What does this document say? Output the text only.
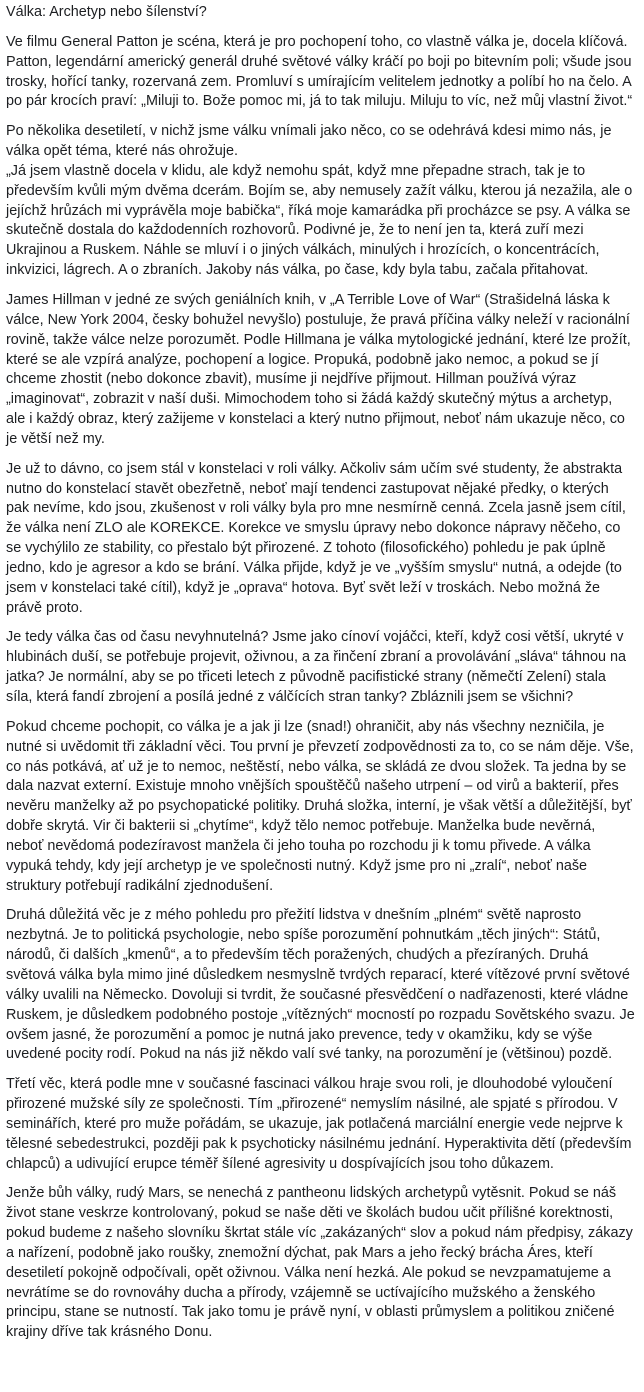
Válka: Archetyp nebo šílenství?
Ve filmu General Patton je scéna, která je pro pochopení toho, co vlastně válka je, docela klíčová. Patton, legendární americký generál druhé světové války kráčí po boji po bitevním poli; všude jsou trosky, hořící tanky, rozervaná zem. Promluví s umírajícím velitelem jednotky a políbí ho na čelo. A po pár krocích praví: „Miluji to. Bože pomoc mi, já to tak miluju. Miluju to víc, než můj vlastní život.“
Po několika desetiletí, v nichž jsme válku vnímali jako něco, co se odehrává kdesi mimo nás, je válka opět téma, které nás ohrožuje.
„Já jsem vlastně docela v klidu, ale když nemohu spát, když mne přepadne strach, tak je to především kvůli mým dvěma dcerám. Bojím se, aby nemusely zažít válku, kterou já nezažila, ale o jejíchž hrůzách mi vyprávěla moje babička“, říká moje kamarádka při procházce se psy. A válka se skutečně dostala do každodenních rozhovorů. Podivné je, že to není jen ta, která zuří mezi Ukrajinou a Ruskem. Náhle se mluví i o jiných válkách, minulých i hrozících, o koncentrácích, inkvizici, lágrech. A o zbraních. Jakoby nás válka, po čase, kdy byla tabu, začala přitahovat.
James Hillman v jedné ze svých geniálních knih, v „A Terrible Love of War“ (Strašidelná láska k válce, New York 2004, česky bohužel nevyšlo) postuluje, že pravá příčina války neleží v racionální rovině, takže válce nelze porozumět. Podle Hillmana je válka mytologické jednání, které lze prožít, které se ale vzpírá analýze, pochopení a logice. Propuká, podobně jako nemoc, a pokud se jí chceme zhostit (nebo dokonce zbavit), musíme ji nejdříve přijmout. Hillman používá výraz „imaginovat“, zobrazit v naší duši. Mimochodem toho si žádá každý skutečný mýtus a archetyp, ale i každý obraz, který zažijeme v konstelaci a který nutno přijmout, neboť nám ukazuje něco, co je větší než my.
Je už to dávno, co jsem stál v konstelaci v roli války. Ačkoliv sám učím své studenty, že abstrakta nutno do konstelací stavět obezřetně, neboť mají tendenci zastupovat nějaké předky, o kterých pak nevíme, kdo jsou, zkušenost v roli války byla pro mne nesmírně cenná. Zcela jasně jsem cítil, že válka není ZLO ale KOREKCE. Korekce ve smyslu úpravy nebo dokonce nápravy něčeho, co se vychýlilo ze stability, co přestalo být přirozené. Z tohoto (filosofického) pohledu je pak úplně jedno, kdo je agresor a kdo se brání. Válka přijde, když je ve „vyšším smyslu“ nutná, a odejde (to jsem v konstelaci také cítil), když je „oprava“ hotova. Byť svět leží v troskách. Nebo možná že právě proto.
Je tedy válka čas od času nevyhnutelná? Jsme jako cínoví vojáčci, kteří, když cosi větší, ukryté v hlubinách duší, se potřebuje projevit, oživnou, a za řinčení zbraní a provolávání „sláva“ táhnou na jatka? Je normální, aby se po třiceti letech z původně pacifistické strany (němečtí Zelení) stala síla, která fandí zbrojení a posílá jedné z válčících stran tanky? Zbláznili jsem se všichni?
Pokud chceme pochopit, co válka je a jak ji lze (snad!) ohraničit, aby nás všechny nezničila, je nutné si uvědomit tři základní věci. Tou první je převzetí zodpovědnosti za to, co se nám děje. Vše, co nás potkává, ať už je to nemoc, neštěstí, nebo válka, se skládá ze dvou složek. Ta jedna by se dala nazvat externí. Existuje mnoho vnějších spouštěčů našeho utrpení – od virů a bakterií, přes nevěru manželky až po psychopatické politiky. Druhá složka, interní, je však větší a důležitější, byť dobře skrytá. Vir či bakterii si „chytíme“, když tělo nemoc potřebuje. Manželka bude nevěrná, neboť nevědomá podezíravost manžela či jeho touha po rozchodu ji k tomu přivede. A válka vypuká tehdy, kdy její archetyp je ve společnosti nutný. Když jsme pro ni „zralí“, neboť naše struktury potřebují radikální zjednodušení.
Druhá důležitá věc je z mého pohledu pro přežití lidstva v dnešním „plném“ světě naprosto nezbytná. Je to politická psychologie, nebo spíše porozumění pohnutkám „těch jiných“: Států, národů, či dalších „kmenů“, a to především těch poražených, chudých a přezíraných. Druhá světová válka byla mimo jiné důsledkem nesmyslně tvrdých reparací, které vítězové první světové války uvalili na Německo. Dovoluji si tvrdit, že současné přesvědčení o nadřazenosti, které vládne Ruskem, je důsledkem podobného postoje „vítězných“ mocností po rozpadu Sovětského svazu. Je ovšem jasné, že porozumění a pomoc je nutná jako prevence, tedy v okamžiku, kdy se výše uvedené pocity rodí. Pokud na nás již někdo valí své tanky, na porozumění je (většinou) pozdě.
Třetí věc, která podle mne v současné fascinaci válkou hraje svou roli, je dlouhodobé vyloučení přirozené mužské síly ze společnosti. Tím „přirozené“ nemyslím násilné, ale spjaté s přírodou. V seminářích, které pro muže pořádám, se ukazuje, jak potlačená marciální energie vede nejprve k tělesné sebedestrukci, později pak k psychoticky násilnému jednání. Hyperaktivita dětí (především chlapců) a udivující erupce téměř šílené agresivity u dospívajících jsou toho důkazem.
Jenže bůh války, rudý Mars, se nenechá z pantheonu lidských archetypů vytěsnit. Pokud se náš život stane veskrze kontrolovaný, pokud se naše děti ve školách budou učit přílišné korektnosti, pokud budeme z našeho slovníku škrtat stále víc „zakázaných“ slov a pokud nám předpisy, zákazy a nařízení, podobně jako roušky, znemožní dýchat, pak Mars a jeho řecký brácha Áres, kteří desetiletí pokojně odpočívali, opět oživnou. Válka není hezká. Ale pokud se nevzpamatujeme a nevrátíme se do rovnováhy ducha a přírody, vzájemně se uctívajícího mužského a ženského principu, stane se nutností. Tak jako tomu je právě nyní, v oblasti průmyslem a politikou zničené krajiny dříve tak krásného Donu.
